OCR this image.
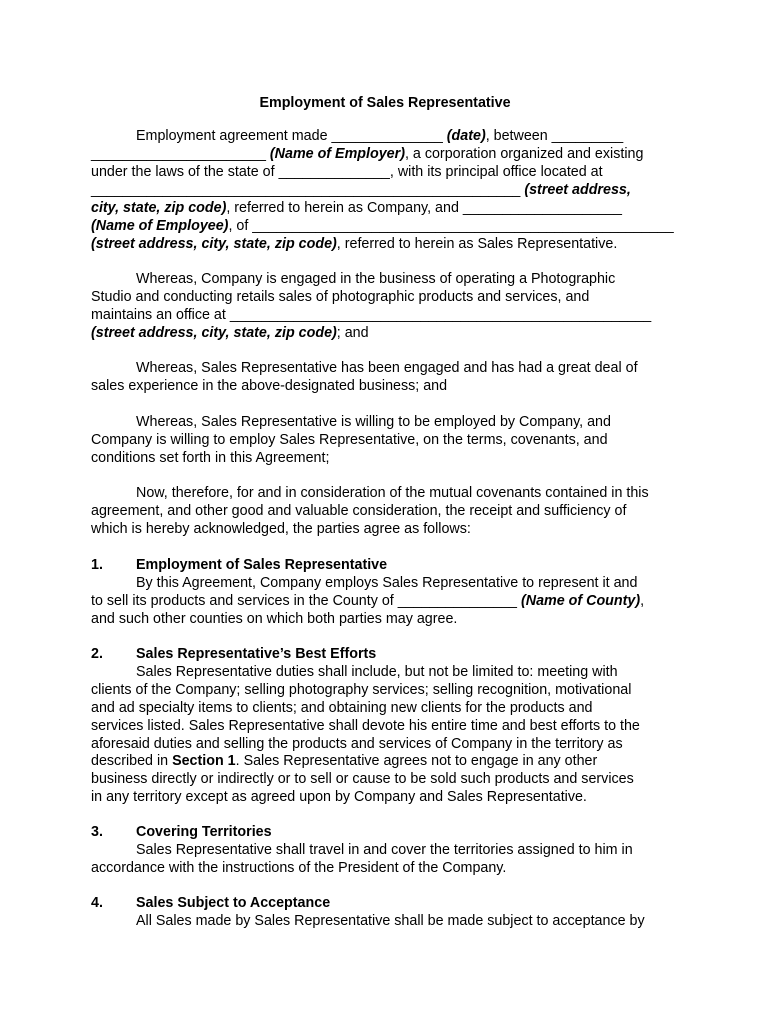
Employment of Sales Representative
Employment agreement made ______________ (date), between _________
______________________ (Name of Employer), a corporation organized and existing
under the laws of the state of ______________, with its principal office located at
______________________________________________________ (street address,
city, state, zip code), referred to herein as Company, and ____________________
(Name of Employee), of _____________________________________________________
(street address, city, state, zip code), referred to herein as Sales Representative.
Whereas, Company is engaged in the business of operating a Photographic
Studio and conducting retails sales of photographic products and services, and
maintains an office at _____________________________________________________
(street address, city, state, zip code); and
Whereas, Sales Representative has been engaged and has had a great deal of
sales experience in the above-designated business; and
Whereas, Sales Representative is willing to be employed by Company, and
Company is willing to employ Sales Representative, on the terms, covenants, and
conditions set forth in this Agreement;
Now, therefore, for and in consideration of the mutual covenants contained in this
agreement, and other good and valuable consideration, the receipt and sufficiency of
which is hereby acknowledged, the parties agree as follows:
1. Employment of Sales Representative
By this Agreement, Company employs Sales Representative to represent it and
to sell its products and services in the County of _______________ (Name of County),
and such other counties on which both parties may agree.
2. Sales Representative’s Best Efforts
Sales Representative duties shall include, but not be limited to: meeting with
clients of the Company; selling photography services; selling recognition, motivational
and ad specialty items to clients; and obtaining new clients for the products and
services listed. Sales Representative shall devote his entire time and best efforts to the
aforesaid duties and selling the products and services of Company in the territory as
described in Section 1. Sales Representative agrees not to engage in any other
business directly or indirectly or to sell or cause to be sold such products and services
in any territory except as agreed upon by Company and Sales Representative.
3. Covering Territories
Sales Representative shall travel in and cover the territories assigned to him in
accordance with the instructions of the President of the Company.
4. Sales Subject to Acceptance
All Sales made by Sales Representative shall be made subject to acceptance by
